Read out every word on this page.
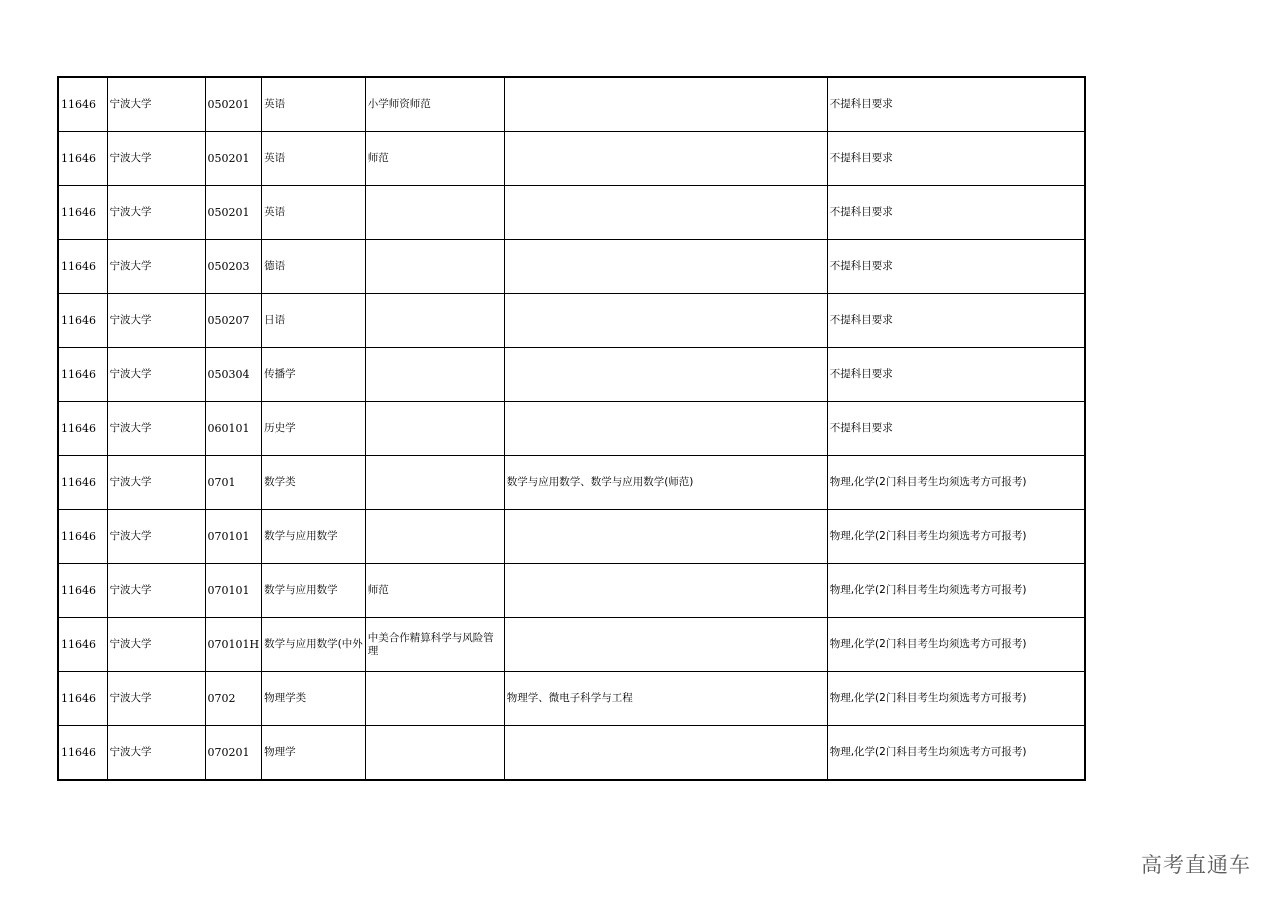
11646	宁波大学	050201	英语	小学师资师范		不提科目要求
11646	宁波大学	050201	英语	师范		不提科目要求
11646	宁波大学	050201	英语			不提科目要求
11646	宁波大学	050203	德语			不提科目要求
11646	宁波大学	050207	日语			不提科目要求
11646	宁波大学	050304	传播学			不提科目要求
11646	宁波大学	060101	历史学			不提科目要求
11646	宁波大学	0701	数学类		数学与应用数学、数学与应用数学(师范)	物理,化学(2门科目考生均须选考方可报考)
11646	宁波大学	070101	数学与应用数学			物理,化学(2门科目考生均须选考方可报考)
11646	宁波大学	070101	数学与应用数学	师范		物理,化学(2门科目考生均须选考方可报考)
11646	宁波大学	070101H	数学与应用数学(中外	中美合作精算科学与风险管理		物理,化学(2门科目考生均须选考方可报考)
11646	宁波大学	0702	物理学类		物理学、微电子科学与工程	物理,化学(2门科目考生均须选考方可报考)
11646	宁波大学	070201	物理学			物理,化学(2门科目考生均须选考方可报考)
高考直通车
